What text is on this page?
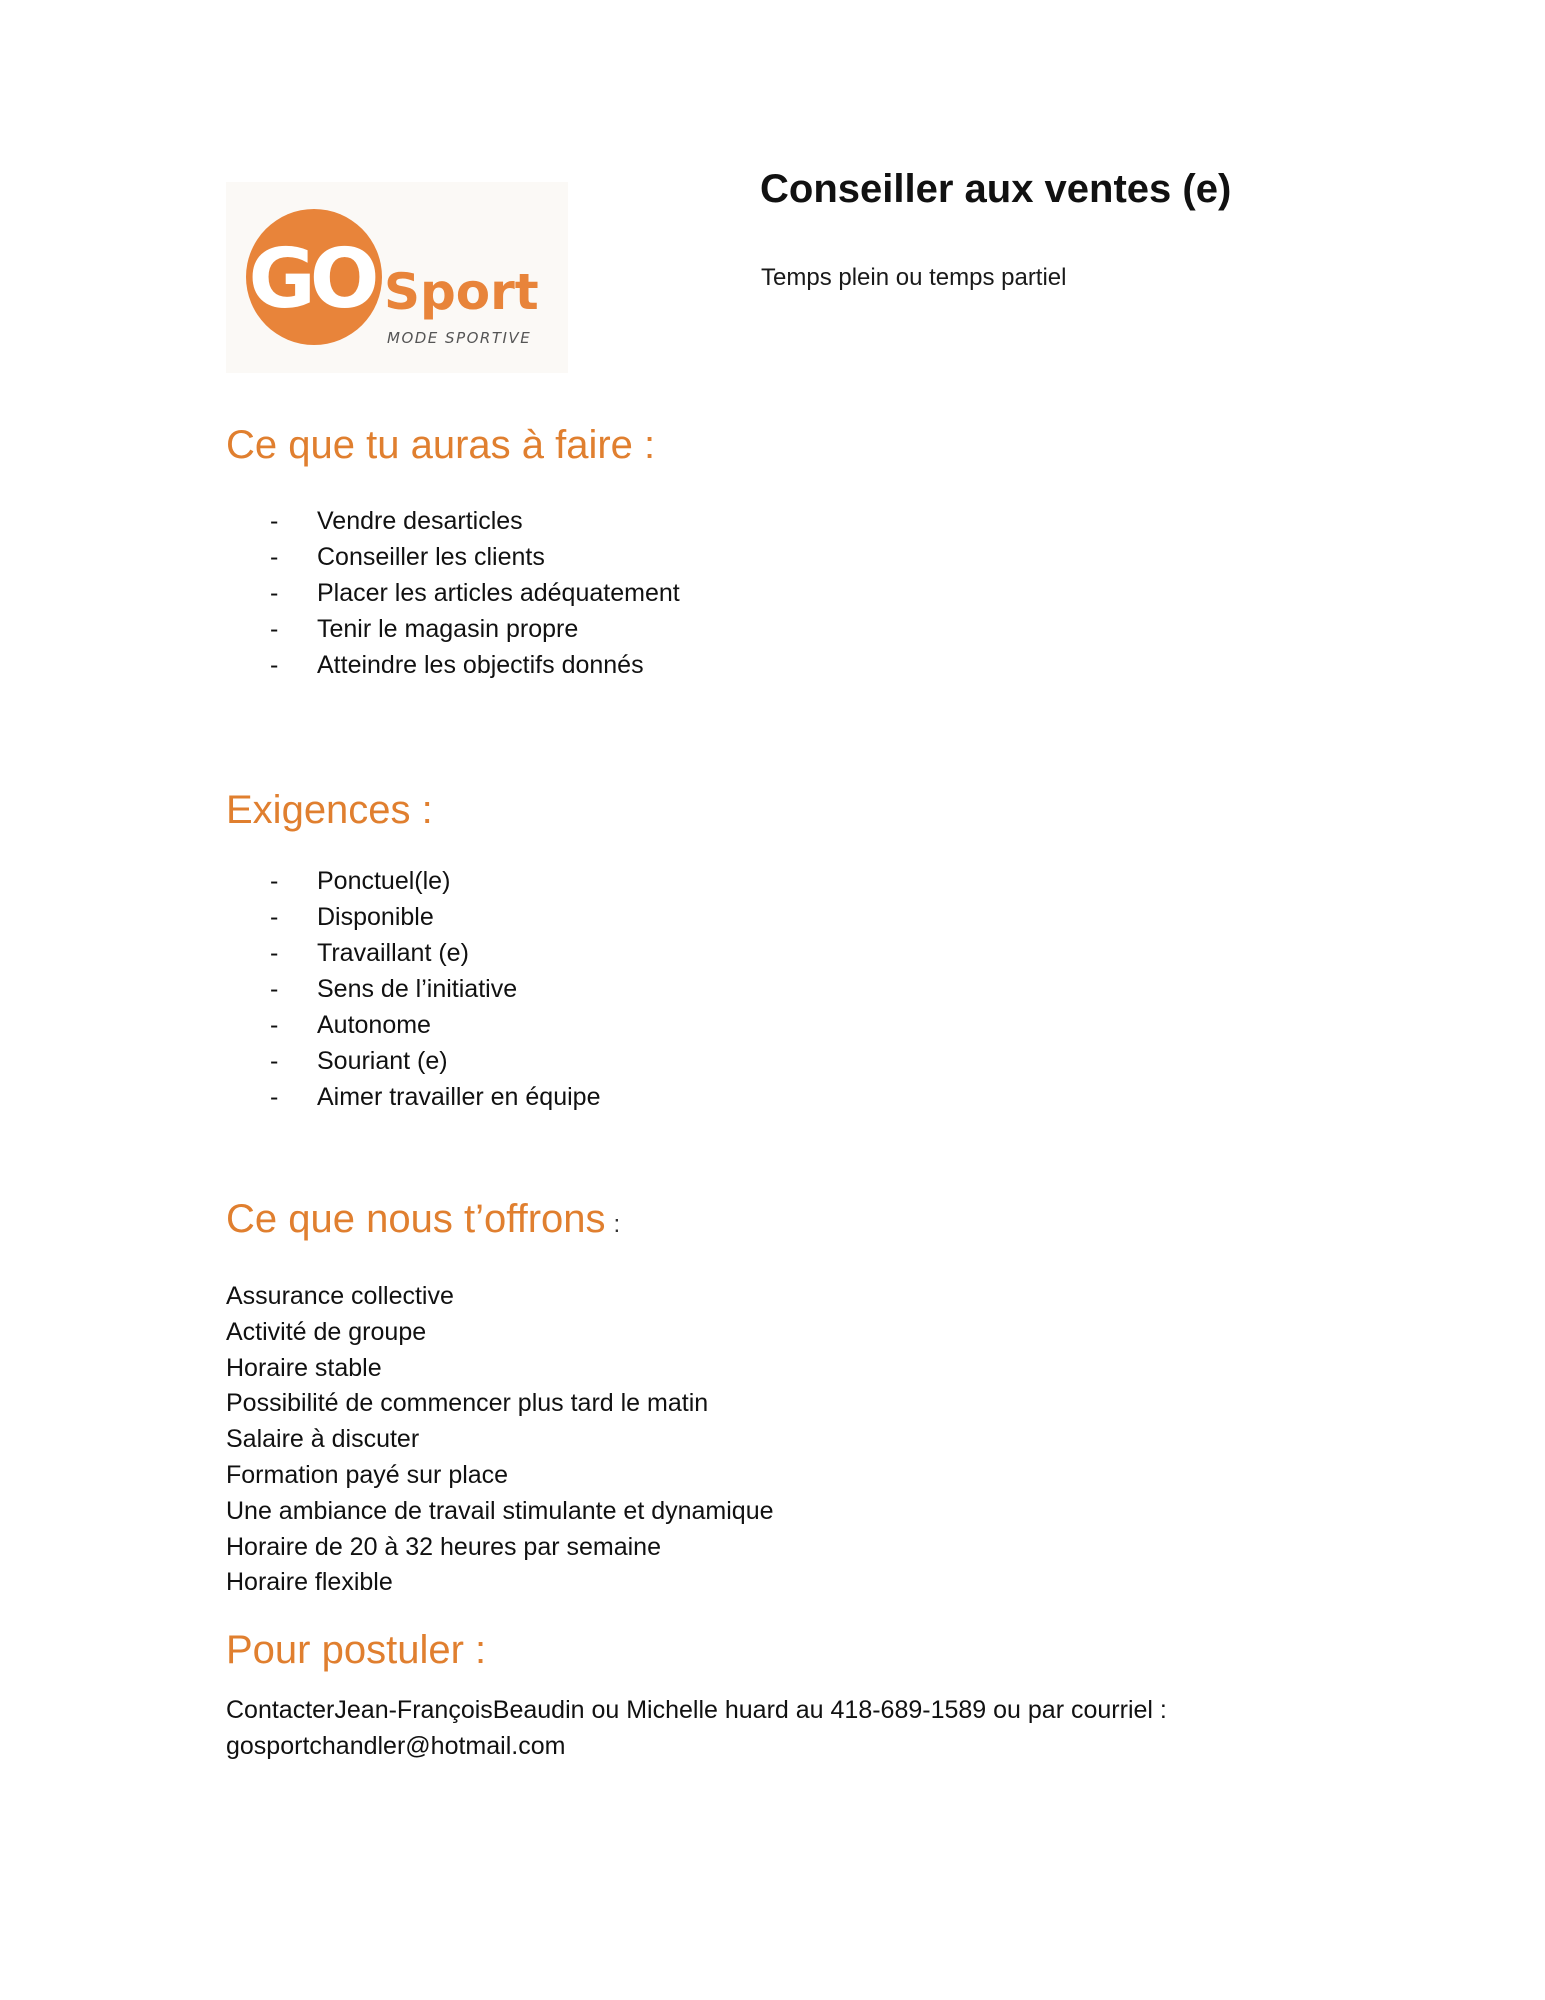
GO Sport
MODE SPORTIVE
Conseiller aux ventes (e)

Temps plein ou temps partiel

Ce que tu auras à faire :
- Vendre desarticles
- Conseiller les clients
- Placer les articles adéquatement
- Tenir le magasin propre
- Atteindre les objectifs donnés
Exigences :
- Ponctuel(le)
- Disponible
- Travaillant (e)
- Sens de l’initiative
- Autonome
- Souriant (e)
- Aimer travailler en équipe
Ce que nous t’offrons :
Assurance collective
Activité de groupe
Horaire stable
Possibilité de commencer plus tard le matin
Salaire à discuter
Formation payé sur place
Une ambiance de travail stimulante et dynamique
Horaire de 20 à 32 heures par semaine
Horaire flexible
Pour postuler :

ContacterJean-FrançoisBeaudin ou Michelle huard au 418-689-1589 ou par courriel :
gosportchandler@hotmail.com
